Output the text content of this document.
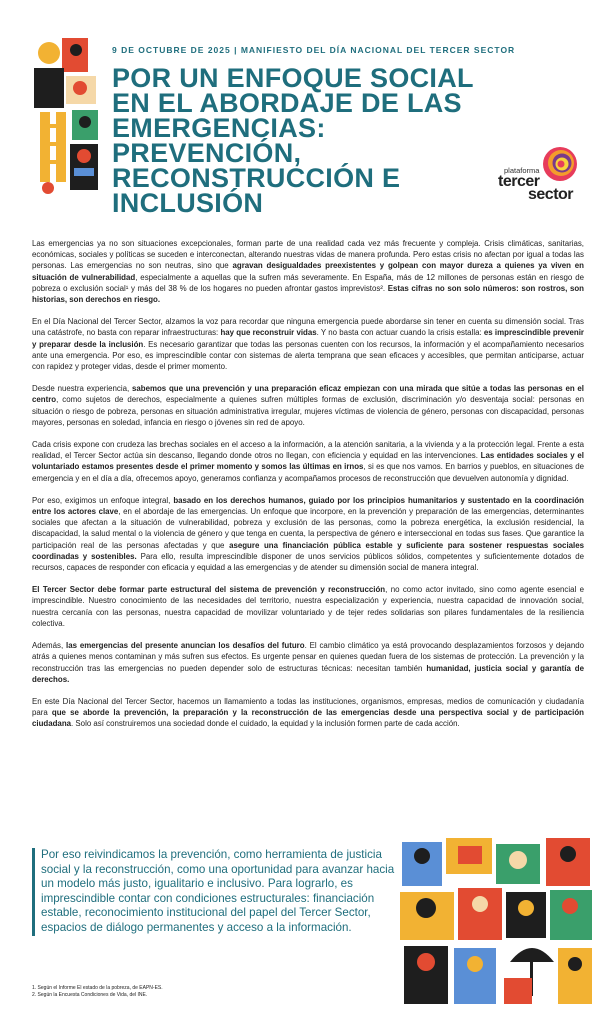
9 DE OCTUBRE DE 2025 | MANIFIESTO DEL DÍA NACIONAL DEL TERCER SECTOR
POR UN ENFOQUE SOCIAL EN EL ABORDAJE DE LAS EMERGENCIAS: PREVENCIÓN, RECONSTRUCCIÓN E INCLUSIÓN
plataforma
tercer
sector

Las emergencias ya no son situaciones excepcionales, forman parte de una realidad cada vez más frecuente y compleja. Crisis climáticas, sanitarias, económicas, sociales y políticas se suceden e interconectan, alterando nuestras vidas de manera profunda. Pero estas crisis no afectan por igual a todas las personas. Las emergencias no son neutras, sino que agravan desigualdades preexistentes y golpean con mayor dureza a quienes ya viven en situación de vulnerabilidad, especialmente a aquellas que la sufren más severamente. En España, más de 12 millones de personas están en riesgo de pobreza o exclusión social¹ y más del 38 % de los hogares no pueden afrontar gastos imprevistos². Estas cifras no son solo números: son rostros, son historias, son derechos en riesgo.

En el Día Nacional del Tercer Sector, alzamos la voz para recordar que ninguna emergencia puede abordarse sin tener en cuenta su dimensión social. Tras una catástrofe, no basta con reparar infraestructuras: hay que reconstruir vidas. Y no basta con actuar cuando la crisis estalla: es imprescindible prevenir y preparar desde la inclusión. Es necesario garantizar que todas las personas cuenten con los recursos, la información y el acompañamiento necesarios ante una emergencia. Por eso, es imprescindible contar con sistemas de alerta temprana que sean eficaces y accesibles, que permitan anticiparse, actuar con rapidez y proteger vidas, desde el primer momento.

Desde nuestra experiencia, sabemos que una prevención y una preparación eficaz empiezan con una mirada que sitúe a todas las personas en el centro, como sujetos de derechos, especialmente a quienes sufren múltiples formas de exclusión, discriminación y/o desventaja social: personas en situación o riesgo de pobreza, personas en situación administrativa irregular, mujeres víctimas de violencia de género, personas con discapacidad, personas mayores, personas en soledad, infancia en riesgo o jóvenes sin red de apoyo.

Cada crisis expone con crudeza las brechas sociales en el acceso a la información, a la atención sanitaria, a la vivienda y a la protección legal. Frente a esta realidad, el Tercer Sector actúa sin descanso, llegando donde otros no llegan, con eficiencia y equidad en las intervenciones. Las entidades sociales y el voluntariado estamos presentes desde el primer momento y somos las últimas en irnos, si es que nos vamos. En barrios y pueblos, en situaciones de emergencia y en el día a día, ofrecemos apoyo, generamos confianza y acompañamos procesos de reconstrucción que devuelven autonomía y dignidad.

Por eso, exigimos un enfoque integral, basado en los derechos humanos, guiado por los principios humanitarios y sustentado en la coordinación entre los actores clave, en el abordaje de las emergencias. Un enfoque que incorpore, en la prevención y preparación de las emergencias, determinantes sociales que afectan a la situación de vulnerabilidad, pobreza y exclusión de las personas, como la pobreza energética, la exclusión residencial, la discapacidad, la salud mental o la violencia de género y que tenga en cuenta, la perspectiva de género e interseccional en todas sus fases. Que garantice la participación real de las personas afectadas y que asegure una financiación pública estable y suficiente para sostener respuestas sociales coordinadas y sostenibles. Para ello, resulta imprescindible disponer de unos servicios públicos sólidos, competentes y suficientemente dotados de recursos, capaces de responder con eficacia y equidad a las emergencias y de atender su dimensión social de manera integral.

El Tercer Sector debe formar parte estructural del sistema de prevención y reconstrucción, no como actor invitado, sino como agente esencial e imprescindible. Nuestro conocimiento de las necesidades del territorio, nuestra especialización y experiencia, nuestra capacidad de innovación social, nuestra cercanía con las personas, nuestra capacidad de movilizar voluntariado y de tejer redes solidarias son pilares fundamentales de la resiliencia colectiva.

Además, las emergencias del presente anuncian los desafíos del futuro. El cambio climático ya está provocando desplazamientos forzosos y dejando atrás a quienes menos contaminan y más sufren sus efectos. Es urgente pensar en quienes quedan fuera de los sistemas de protección. La prevención y la reconstrucción tras las emergencias no pueden depender solo de estructuras técnicas: necesitan también humanidad, justicia social y garantía de derechos.

En este Día Nacional del Tercer Sector, hacemos un llamamiento a todas las instituciones, organismos, empresas, medios de comunicación y ciudadanía para que se aborde la prevención, la preparación y la reconstrucción de las emergencias desde una perspectiva social y de participación ciudadana. Solo así construiremos una sociedad donde el cuidado, la equidad y la inclusión formen parte de cada acción.

Por eso reivindicamos la prevención, como herramienta de justicia social y la reconstrucción, como una oportunidad para avanzar hacia un modelo más justo, igualitario e inclusivo. Para lograrlo, es imprescindible contar con condiciones estructurales: financiación estable, reconocimiento institucional del papel del Tercer Sector, espacios de diálogo permanentes y acceso a la información.
1. Según el Informe El estado de la pobreza, de EAPN-ES.
2. Según la Encuesta Condiciones de Vida, del INE.
